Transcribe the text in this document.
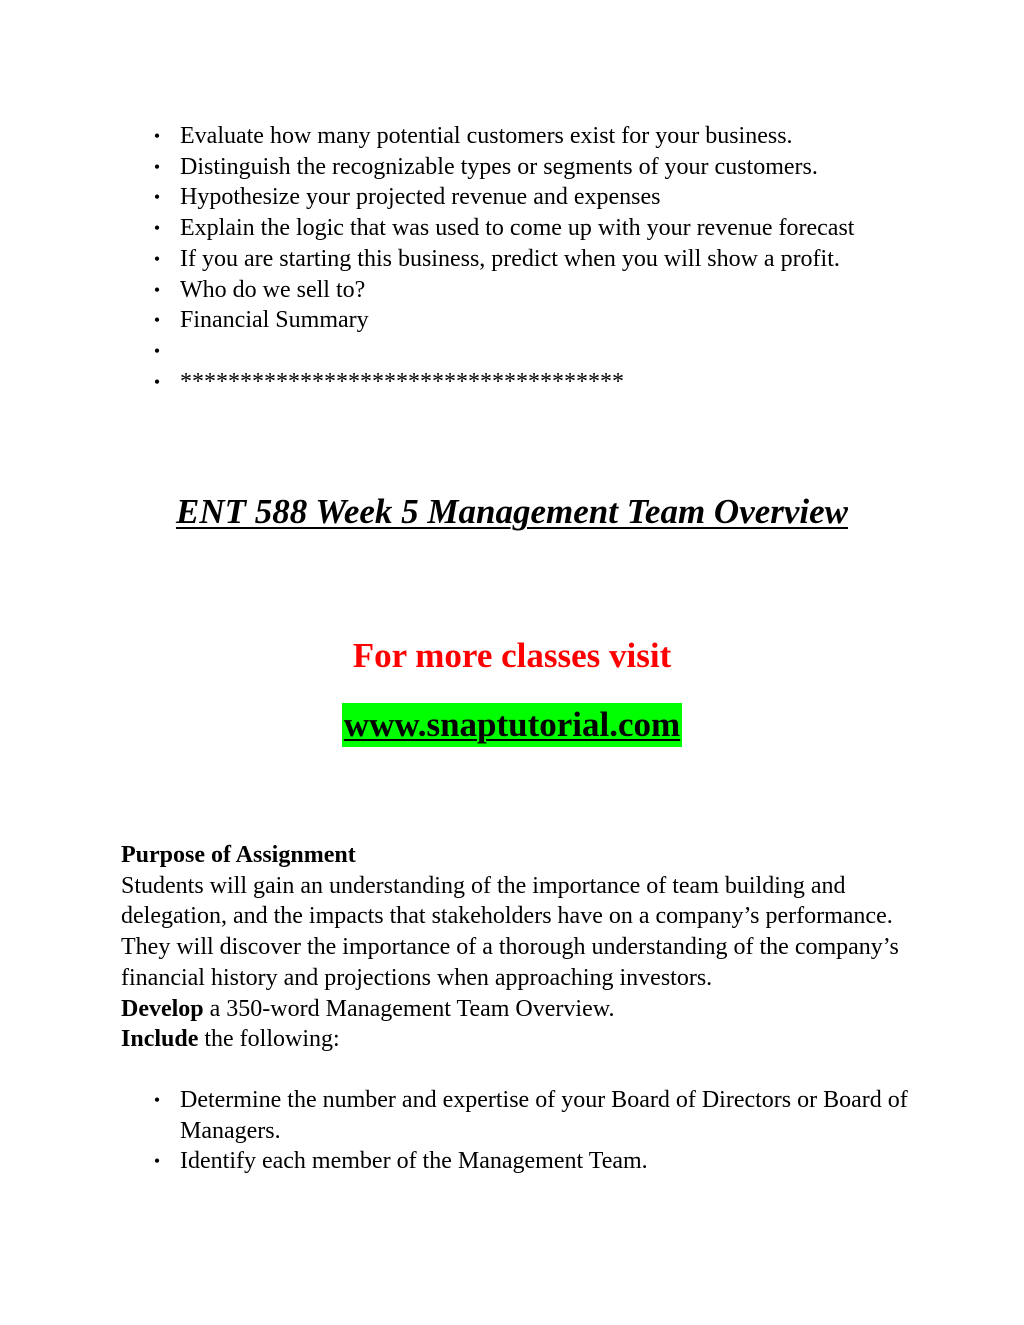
• Evaluate how many potential customers exist for your business.
• Distinguish the recognizable types or segments of your customers.
• Hypothesize your projected revenue and expenses
• Explain the logic that was used to come up with your revenue forecast
• If you are starting this business, predict when you will show a profit.
• Who do we sell to?
• Financial Summary
•

• *************************************
ENT 588 Week 5 Management Team Overview
For more classes visit
www.snaptutorial.com

Purpose of Assignment

Students will gain an understanding of the importance of team building and delegation, and the impacts that stakeholders have on a company’s performance. They will discover the importance of a thorough understanding of the company’s financial history and projections when approaching investors.

Develop a 350-word Management Team Overview.

Include the following:

• Determine the number and expertise of your Board of Directors or Board of Managers.
• Identify each member of the Management Team.
